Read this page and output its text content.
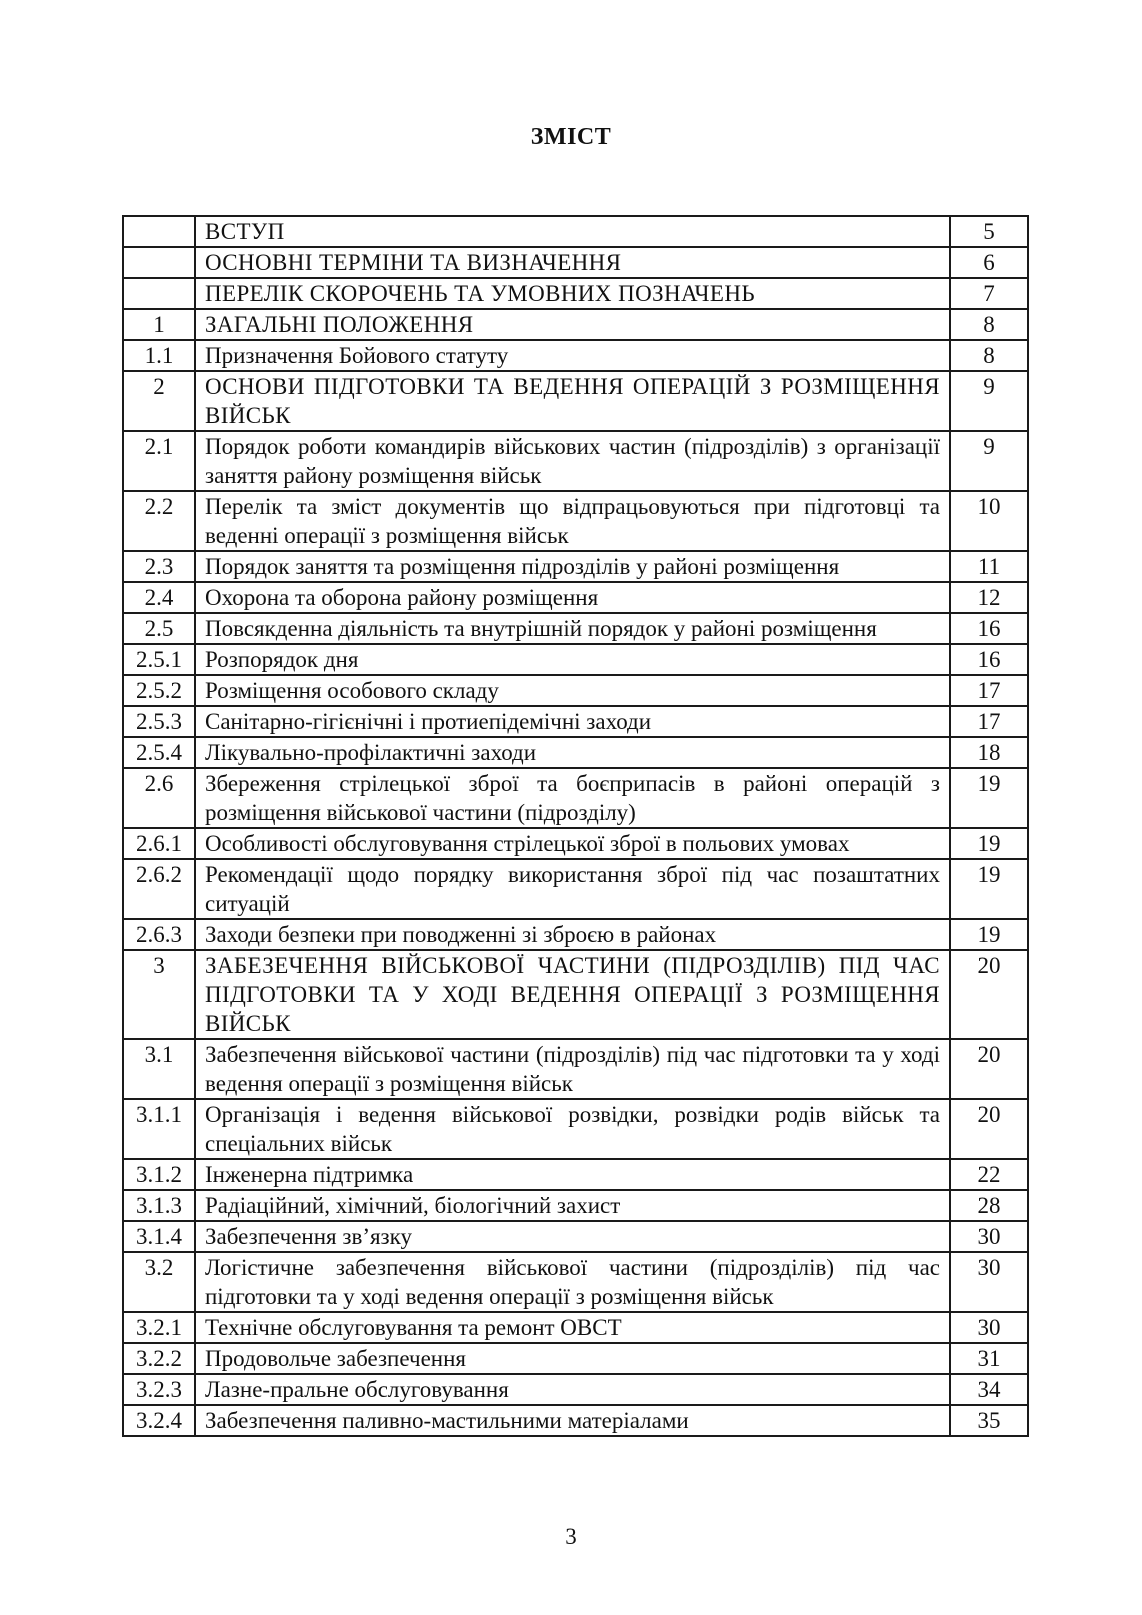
ЗМІСТ
	ВСТУП	5
	ОСНОВНІ ТЕРМІНИ ТА ВИЗНАЧЕННЯ	6
	ПЕРЕЛІК СКОРОЧЕНЬ ТА УМОВНИХ ПОЗНАЧЕНЬ	7
1	ЗАГАЛЬНІ ПОЛОЖЕННЯ	8
1.1	Призначення Бойового статуту	8
2	ОСНОВИ ПІДГОТОВКИ ТА ВЕДЕННЯ ОПЕРАЦІЙ З РОЗМІЩЕННЯ ВІЙСЬК	9
2.1	Порядок роботи командирів військових частин (підрозділів) з організації заняття району розміщення військ	9
2.2	Перелік та зміст документів що відпрацьовуються при підготовці та веденні операції з розміщення військ	10
2.3	Порядок заняття та розміщення підрозділів у районі розміщення	11
2.4	Охорона та оборона району розміщення	12
2.5	Повсякденна діяльність та внутрішній порядок у районі розміщення	16
2.5.1	Розпорядок дня	16
2.5.2	Розміщення особового складу	17
2.5.3	Санітарно-гігієнічні і протиепідемічні заходи	17
2.5.4	Лікувально-профілактичні заходи	18
2.6	Збереження стрілецької зброї та боєприпасів в районі операцій з розміщення військової частини (підрозділу)	19
2.6.1	Особливості обслуговування стрілецької зброї в польових умовах	19
2.6.2	Рекомендації щодо порядку використання зброї під час позаштатних ситуацій	19
2.6.3	Заходи безпеки при поводженні зі зброєю в районах	19
3	ЗАБЕЗЕЧЕННЯ ВІЙСЬКОВОЇ ЧАСТИНИ (ПІДРОЗДІЛІВ) ПІД ЧАС ПІДГОТОВКИ ТА У ХОДІ ВЕДЕННЯ ОПЕРАЦІЇ З РОЗМІЩЕННЯ ВІЙСЬК	20
3.1	Забезпечення військової частини (підрозділів) під час підготовки та у ході ведення операції з розміщення військ	20
3.1.1	Організація і ведення військової розвідки, розвідки родів військ та спеціальних військ	20
3.1.2	Інженерна підтримка	22
3.1.3	Радіаційний, хімічний, біологічний захист	28
3.1.4	Забезпечення зв’язку	30
3.2	Логістичне забезпечення військової частини (підрозділів) під час підготовки та у ході ведення операції з розміщення військ	30
3.2.1	Технічне обслуговування та ремонт ОВСТ	30
3.2.2	Продовольче забезпечення	31
3.2.3	Лазне-пральне обслуговування	34
3.2.4	Забезпечення паливно-мастильними матеріалами	35
3
